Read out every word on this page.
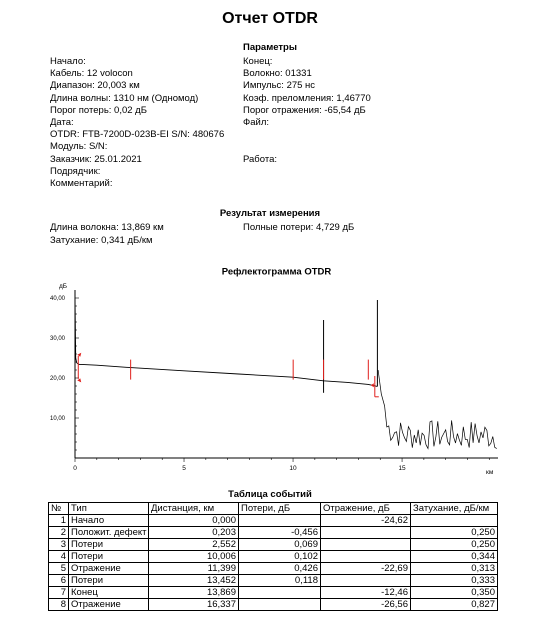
Отчет OTDR
Параметры
Начало:
Кабель: 12 volocon
Диапазон: 20,003 км
Длина волны: 1310 нм (Одномод)
Порог потерь: 0,02 дБ
Дата:
OTDR: FTB-7200D-023B-EI S/N: 480676
Модуль: S/N:
Заказчик: 25.01.2021
Подрядчик:
Комментарий:
Конец:
Волокно: 01331
Импульс: 275 нс
Коэф. преломления: 1,46770
Порог отражения: -65,54 дБ
Файл:
Работа:
Результат измерения
Длина волокна: 13,869 км	Полные потери: 4,729 дБ
Затухание: 0,341 дБ/км
Рефлектограмма OTDR
дБ
км
40,00
30,00
20,00
10,00
0	5	10	15
Таблица событий
№	Тип	Дистанция, км	Потери, дБ	Отражение, дБ	Затухание, дБ/км
1	Начало	0,000		-24,62	
2	Положит. дефект	0,203	-0,456		0,250
3	Потери	2,552	0,069		0,250
4	Потери	10,006	0,102		0,344
5	Отражение	11,399	0,426	-22,69	0,313
6	Потери	13,452	0,118		0,333
7	Конец	13,869		-12,46	0,350
8	Отражение	16,337		-26,56	0,827
